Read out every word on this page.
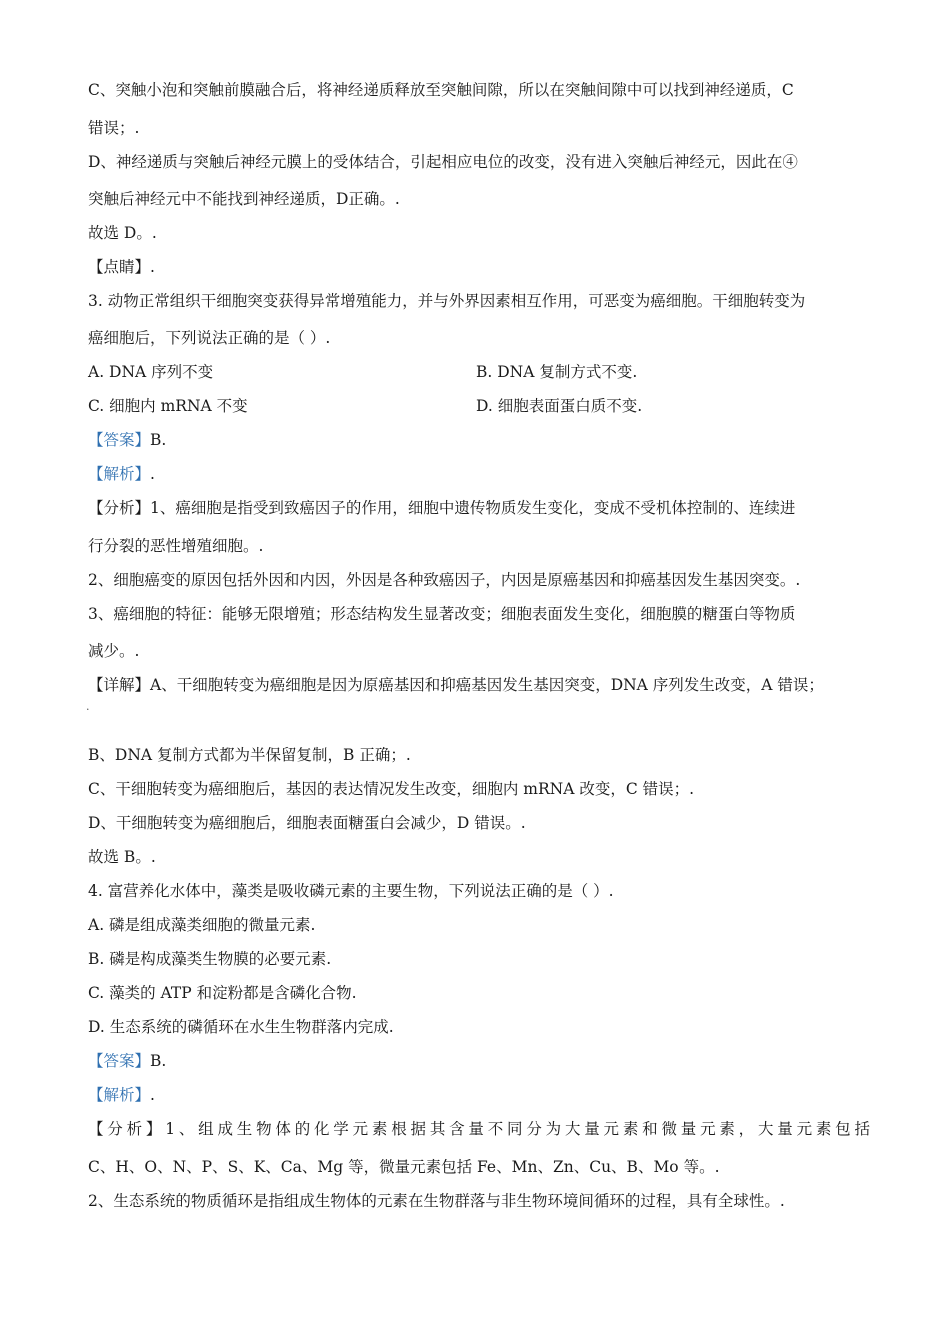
C、突触小泡和突触前膜融合后，将神经递质释放至突触间隙，所以在突触间隙中可以找到神经递质，C
错误；.
D、神经递质与突触后神经元膜上的受体结合，引起相应电位的改变，没有进入突触后神经元，因此在④
突触后神经元中不能找到神经递质，D正确。.
故选 D。.
【点睛】.
3. 动物正常组织干细胞突变获得异常增殖能力，并与外界因素相互作用，可恶变为癌细胞。干细胞转变为
癌细胞后，下列说法正确的是（ ）.
A. DNA 序列不变	B. DNA 复制方式不变.
C. 细胞内 mRNA 不变	D. 细胞表面蛋白质不变.
【答案】B.
【解析】.
【分析】1、癌细胞是指受到致癌因子的作用，细胞中遗传物质发生变化，变成不受机体控制的、连续进
行分裂的恶性增殖细胞。.
2、细胞癌变的原因包括外因和内因，外因是各种致癌因子，内因是原癌基因和抑癌基因发生基因突变。.
3、癌细胞的特征：能够无限增殖；形态结构发生显著改变；细胞表面发生变化，细胞膜的糖蛋白等物质
减少。.
【详解】A、干细胞转变为癌细胞是因为原癌基因和抑癌基因发生基因突变，DNA 序列发生改变，A 错误；
.
B、DNA 复制方式都为半保留复制，B 正确；.
C、干细胞转变为癌细胞后，基因的表达情况发生改变，细胞内 mRNA 改变，C 错误；.
D、干细胞转变为癌细胞后，细胞表面糖蛋白会减少，D 错误。.
故选 B。.
4. 富营养化水体中，藻类是吸收磷元素的主要生物，下列说法正确的是（ ）.
A. 磷是组成藻类细胞的微量元素.
B. 磷是构成藻类生物膜的必要元素.
C. 藻类的 ATP 和淀粉都是含磷化合物.
D. 生态系统的磷循环在水生生物群落内完成.
【答案】B.
【解析】.
【分析】1、组成生物体的化学元素根据其含量不同分为大量元素和微量元素，大量元素包括
C、H、O、N、P、S、K、Ca、Mg 等，微量元素包括 Fe、Mn、Zn、Cu、B、Mo 等。.
2、生态系统的物质循环是指组成生物体的元素在生物群落与非生物环境间循环的过程，具有全球性。.
